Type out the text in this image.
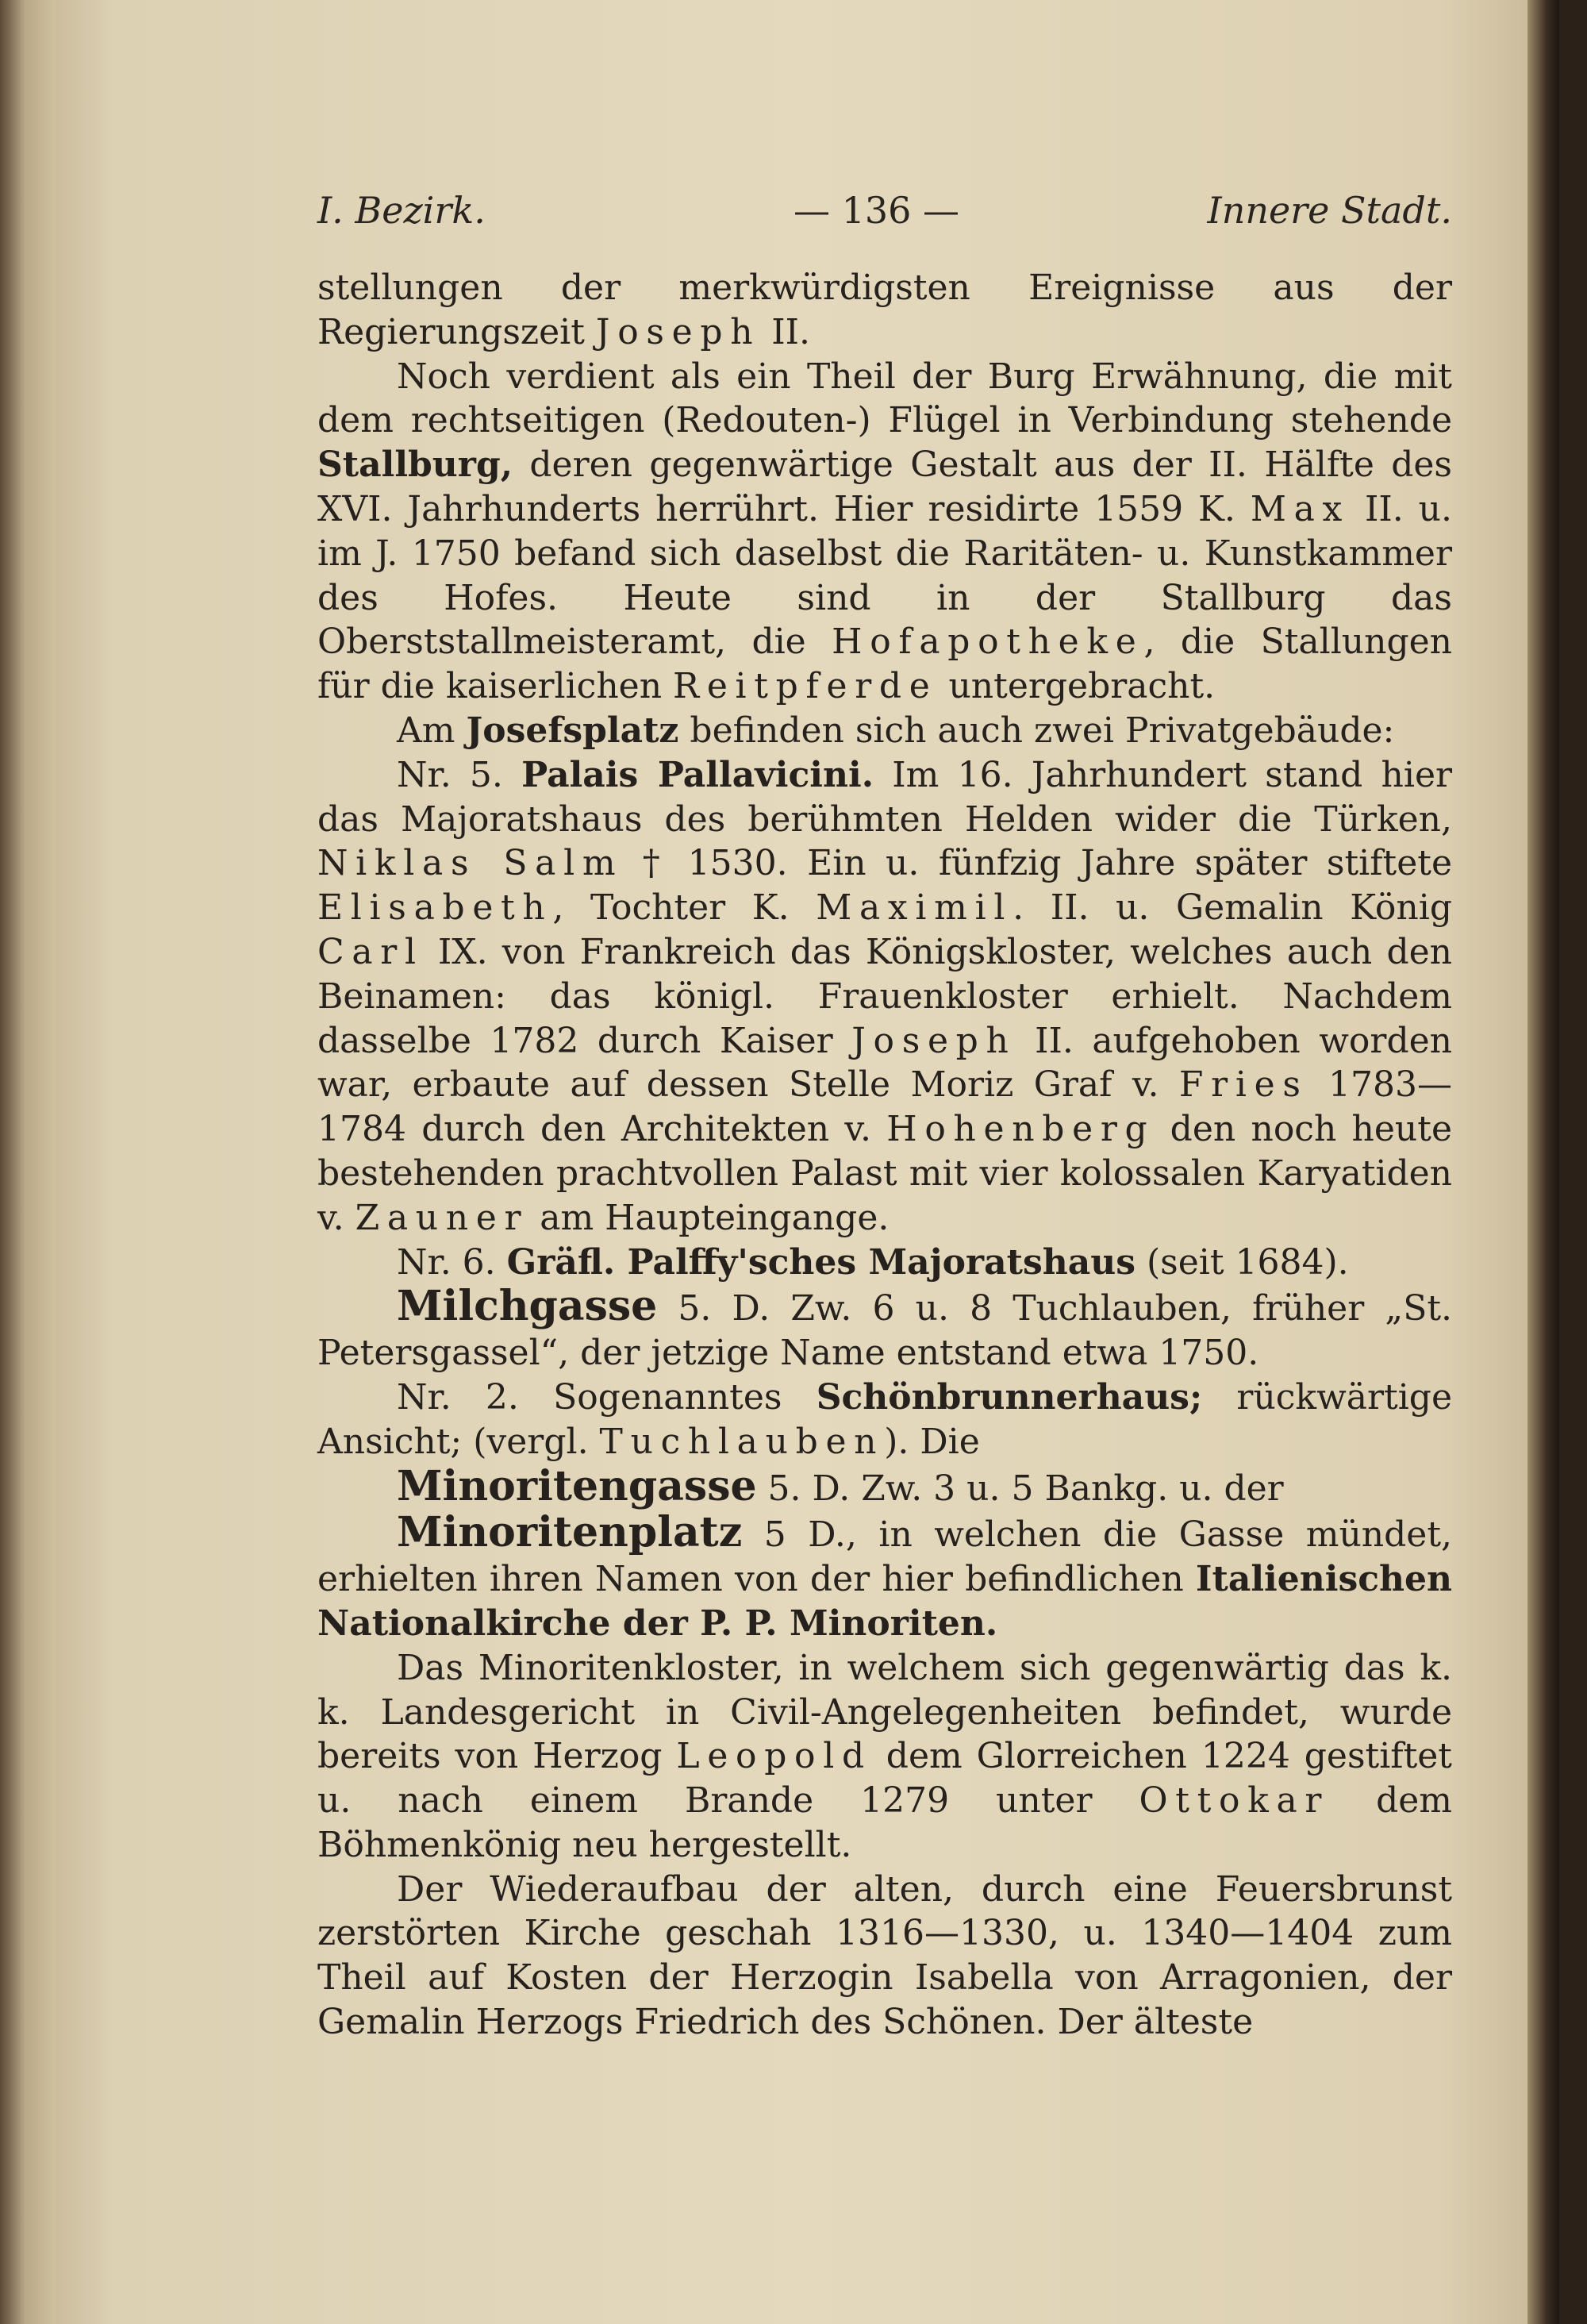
I. Bezirk.	— 136 —	Innere Stadt.

stellungen der merkwürdigsten Ereignisse aus der Regierungszeit Joseph II.

Noch verdient als ein Theil der Burg Erwähnung, die mit dem rechtseitigen (Redouten-) Flügel in Verbindung stehende Stallburg, deren gegenwärtige Gestalt aus der II. Hälfte des XVI. Jahrhunderts herrührt. Hier residirte 1559 K. Max II. u. im J. 1750 befand sich daselbst die Raritäten- u. Kunstkammer des Hofes. Heute sind in der Stallburg das Oberststallmeisteramt, die Hofapotheke, die Stallungen für die kaiserlichen Reitpferde untergebracht.

Am Josefsplatz befinden sich auch zwei Privatgebäude:

Nr. 5. Palais Pallavicini. Im 16. Jahrhundert stand hier das Majoratshaus des berühmten Helden wider die Türken, Niklas Salm † 1530. Ein u. fünfzig Jahre später stiftete Elisabeth, Tochter K. Maximil. II. u. Gemalin König Carl IX. von Frankreich das Königskloster, welches auch den Beinamen: das königl. Frauenkloster erhielt. Nachdem dasselbe 1782 durch Kaiser Joseph II. aufgehoben worden war, erbaute auf dessen Stelle Moriz Graf v. Fries 1783—1784 durch den Architekten v. Hohenberg den noch heute bestehenden prachtvollen Palast mit vier kolossalen Karyatiden v. Zauner am Haupteingange.

Nr. 6. Gräfl. Palffy'sches Majoratshaus (seit 1684).

Milchgasse 5. D. Zw. 6 u. 8 Tuchlauben, früher „St. Petersgassel“, der jetzige Name entstand etwa 1750.

Nr. 2. Sogenanntes Schönbrunnerhaus; rückwärtige Ansicht; (vergl. Tuchlauben). Die

Minoritengasse 5. D. Zw. 3 u. 5 Bankg. u. der

Minoritenplatz 5 D., in welchen die Gasse mündet, erhielten ihren Namen von der hier befindlichen Italienischen Nationalkirche der P. P. Minoriten.

Das Minoritenkloster, in welchem sich gegenwärtig das k. k. Landesgericht in Civil-Angelegenheiten befindet, wurde bereits von Herzog Leopold dem Glorreichen 1224 gestiftet u. nach einem Brande 1279 unter Ottokar dem Böhmenkönig neu hergestellt.

Der Wiederaufbau der alten, durch eine Feuersbrunst zerstörten Kirche geschah 1316—1330, u. 1340—1404 zum Theil auf Kosten der Herzogin Isabella von Arragonien, der Gemalin Herzogs Friedrich des Schönen. Der älteste
